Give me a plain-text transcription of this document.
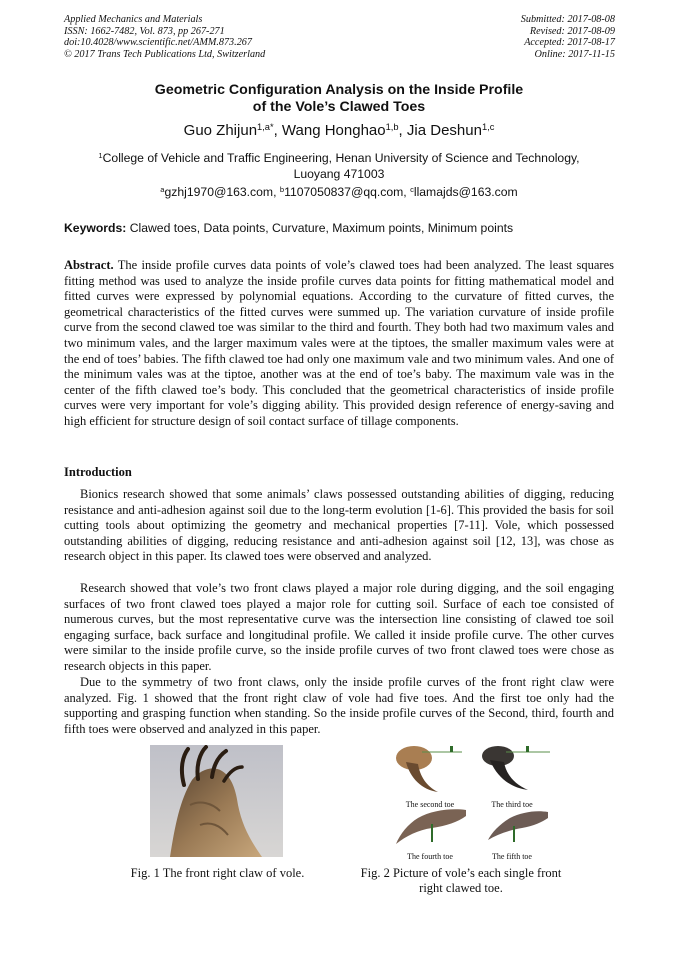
Applied Mechanics and Materials
ISSN: 1662-7482, Vol. 873, pp 267-271
doi:10.4028/www.scientific.net/AMM.873.267
© 2017 Trans Tech Publications Ltd, Switzerland
Submitted: 2017-08-08
Revised: 2017-08-09
Accepted: 2017-08-17
Online: 2017-11-15
Geometric Configuration Analysis on the Inside Profile
of the Vole’s Clawed Toes
Guo Zhijun$^{1,a*}$, Wang Honghao$^{1,b}$, Jia Deshun$^{1,c}$
$^1$College of Vehicle and Traffic Engineering, Henan University of Science and Technology,
Luoyang 471003
$^a$gzhj1970@163.com, $^b$1107050837@qq.com, $^c$llamajds@163.com
Keywords: Clawed toes, Data points, Curvature, Maximum points, Minimum points

Abstract. The inside profile curves data points of vole’s clawed toes had been analyzed. The least squares fitting method was used to analyze the inside profile curves data points for fitting mathematical model and fitted curves were expressed by polynomial equations. According to the curvature of fitted curves, the geometrical characteristics of the fitted curves were summed up. The variation curvature of inside profile curve from the second clawed toe was similar to the third and fourth. They both had two maximum vales and two minimum vales, and the larger maximum vales were at the tiptoes, the smaller maximum vales were at the end of toes’ babies. The fifth clawed toe had only one maximum vale and two minimum vales. And one of the minimum vales was at the tiptoe, another was at the end of toe’s baby. The maximum vale was in the center of the fifth clawed toe’s body. This concluded that the geometrical characteristics of inside profile curves were very important for vole’s digging ability. This provided design reference of energy-saving and high efficient for structure design of soil contact surface of tillage components.

Introduction

Bionics research showed that some animals’ claws possessed outstanding abilities of digging, reducing resistance and anti-adhesion against soil due to the long-term evolution [1-6]. This provided the basis for soil cutting tools about optimizing the geometry and mechanical properties [7-11]. Vole, which possessed outstanding abilities of digging, reducing resistance and anti-adhesion against soil [12, 13], was chose as research object in this paper. Its clawed toes were observed and analyzed.

Research showed that vole’s two front claws played a major role during digging, and the soil engaging surfaces of two front clawed toes played a major role for cutting soil. Surface of each toe consisted of numerous curves, but the most representative curve was the intersection line consisting of clawed toe soil engaging surface, back surface and longitudinal profile. We called it inside profile curve. The other curves were similar to the inside profile curve, so the inside profile curves of two front clawed toes were chose as research objects in this paper.

Due to the symmetry of two front claws, only the inside profile curves of the front right claw were analyzed. Fig. 1 showed that the front right claw of vole had five toes. And the first toe only had the supporting and grasping function when standing. So the inside profile curves of the Second, third, fourth and fifth toes were observed and analyzed in this paper.

Fig. 1 The front right claw of vole.
The second toe	The third toe
The fourth toe	The fifth toe
Fig. 2 Picture of vole’s each single front
right clawed toe.
